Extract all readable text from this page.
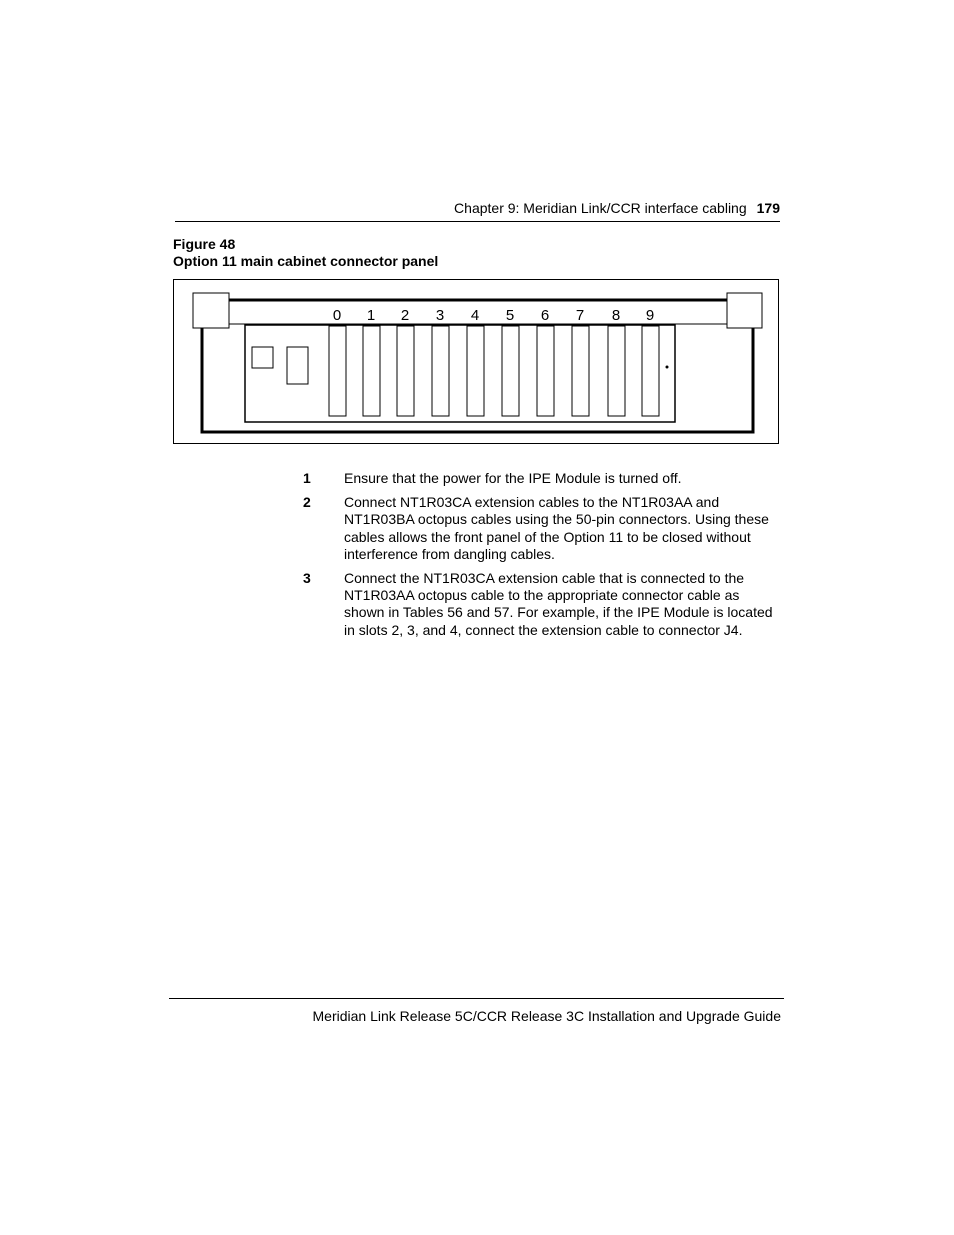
Chapter 9: Meridian Link/CCR interface cabling 179
Figure 48
Option 11 main cabinet connector panel
0 1 2 3 4 5 6 7 8 9
1	Ensure that the power for the IPE Module is turned off.
2	Connect NT1R03CA extension cables to the NT1R03AA and NT1R03BA octopus cables using the 50-pin connectors. Using these cables allows the front panel of the Option 11 to be closed without interference from dangling cables.
3	Connect the NT1R03CA extension cable that is connected to the NT1R03AA octopus cable to the appropriate connector cable as shown in Tables 56 and 57. For example, if the IPE Module is located in slots 2, 3, and 4, connect the extension cable to connector J4.
Meridian Link Release 5C/CCR Release 3C Installation and Upgrade Guide
